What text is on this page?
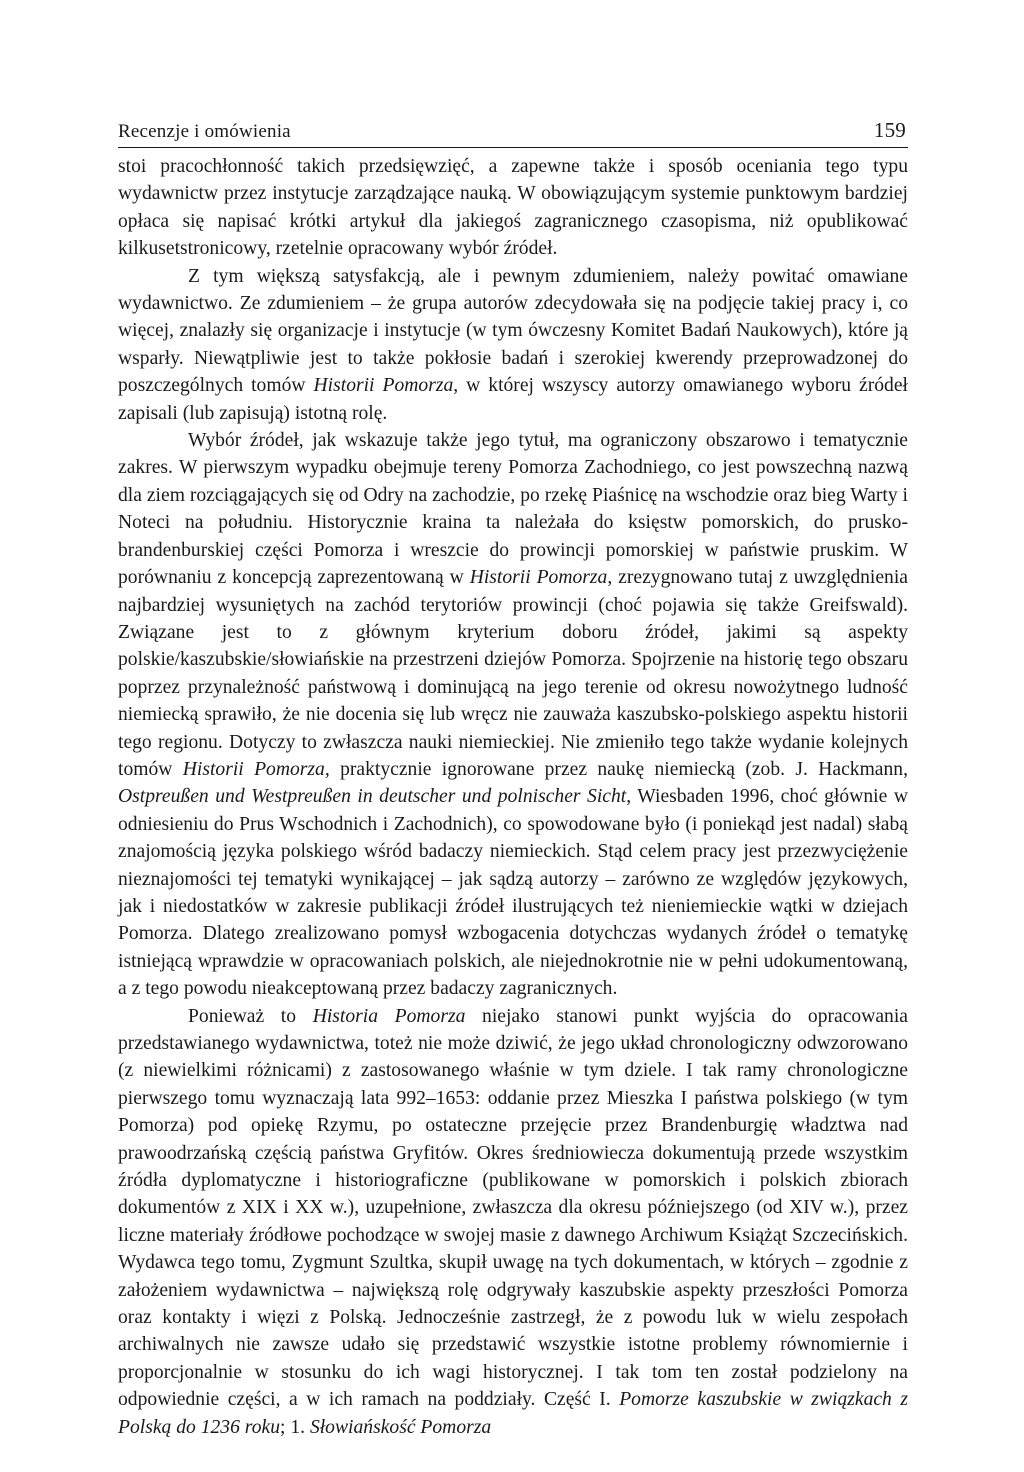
Recenzje i omówienia	159

stoi pracochłonność takich przedsięwzięć, a zapewne także i sposób oceniania tego typu wydawnictw przez instytucje zarządzające nauką. W obowiązującym systemie punktowym bardziej opłaca się napisać krótki artykuł dla jakiegoś zagranicznego czasopisma, niż opublikować kilkusetstronicowy, rzetelnie opracowany wybór źródeł.

Z tym większą satysfakcją, ale i pewnym zdumieniem, należy powitać omawiane wydawnictwo. Ze zdumieniem – że grupa autorów zdecydowała się na podjęcie takiej pracy i, co więcej, znalazły się organizacje i instytucje (w tym ówczesny Komitet Badań Naukowych), które ją wsparły. Niewątpliwie jest to także pokłosie badań i szerokiej kwerendy przeprowadzonej do poszczególnych tomów Historii Pomorza, w której wszyscy autorzy omawianego wyboru źródeł zapisali (lub zapisują) istotną rolę.

Wybór źródeł, jak wskazuje także jego tytuł, ma ograniczony obszarowo i tematycznie zakres. W pierwszym wypadku obejmuje tereny Pomorza Zachodniego, co jest powszechną nazwą dla ziem rozciągających się od Odry na zachodzie, po rzekę Piaśnicę na wschodzie oraz bieg Warty i Noteci na południu. Historycznie kraina ta należała do księstw pomorskich, do prusko-brandenburskiej części Pomorza i wreszcie do prowincji pomorskiej w państwie pruskim. W porównaniu z koncepcją zaprezentowaną w Historii Pomorza, zrezygnowano tutaj z uwzględnienia najbardziej wysuniętych na zachód terytoriów prowincji (choć pojawia się także Greifswald). Związane jest to z głównym kryterium doboru źródeł, jakimi są aspekty polskie/kaszubskie/słowiańskie na przestrzeni dziejów Pomorza. Spojrzenie na historię tego obszaru poprzez przynależność państwową i dominującą na jego terenie od okresu nowożytnego ludność niemiecką sprawiło, że nie docenia się lub wręcz nie zauważa kaszubsko-polskiego aspektu historii tego regionu. Dotyczy to zwłaszcza nauki niemieckiej. Nie zmieniło tego także wydanie kolejnych tomów Historii Pomorza, praktycznie ignorowane przez naukę niemiecką (zob. J. Hackmann, Ostpreußen und Westpreußen in deutscher und polnischer Sicht, Wiesbaden 1996, choć głównie w odniesieniu do Prus Wschodnich i Zachodnich), co spowodowane było (i poniekąd jest nadal) słabą znajomością języka polskiego wśród badaczy niemieckich. Stąd celem pracy jest przezwyciężenie nieznajomości tej tematyki wynikającej – jak sądzą autorzy – zarówno ze względów językowych, jak i niedostatków w zakresie publikacji źródeł ilustrujących też nieniemieckie wątki w dziejach Pomorza. Dlatego zrealizowano pomysł wzbogacenia dotychczas wydanych źródeł o tematykę istniejącą wprawdzie w opracowaniach polskich, ale niejednokrotnie nie w pełni udokumentowaną, a z tego powodu nieakceptowaną przez badaczy zagranicznych.

Ponieważ to Historia Pomorza niejako stanowi punkt wyjścia do opracowania przedstawianego wydawnictwa, toteż nie może dziwić, że jego układ chronologiczny odwzorowano (z niewielkimi różnicami) z zastosowanego właśnie w tym dziele. I tak ramy chronologiczne pierwszego tomu wyznaczają lata 992–1653: oddanie przez Mieszka I państwa polskiego (w tym Pomorza) pod opiekę Rzymu, po ostateczne przejęcie przez Brandenburgię władztwa nad prawoodrzańską częścią państwa Gryfitów. Okres średniowiecza dokumentują przede wszystkim źródła dyplomatyczne i historiograficzne (publikowane w pomorskich i polskich zbiorach dokumentów z XIX i XX w.), uzupełnione, zwłaszcza dla okresu późniejszego (od XIV w.), przez liczne materiały źródłowe pochodzące w swojej masie z dawnego Archiwum Książąt Szczecińskich. Wydawca tego tomu, Zygmunt Szultka, skupił uwagę na tych dokumentach, w których – zgodnie z założeniem wydawnictwa – największą rolę odgrywały kaszubskie aspekty przeszłości Pomorza oraz kontakty i więzi z Polską. Jednocześnie zastrzegł, że z powodu luk w wielu zespołach archiwalnych nie zawsze udało się przedstawić wszystkie istotne problemy równomiernie i proporcjonalnie w stosunku do ich wagi historycznej. I tak tom ten został podzielony na odpowiednie części, a w ich ramach na poddziały. Część I. Pomorze kaszubskie w związkach z Polską do 1236 roku; 1. Słowiańskość Pomorza
